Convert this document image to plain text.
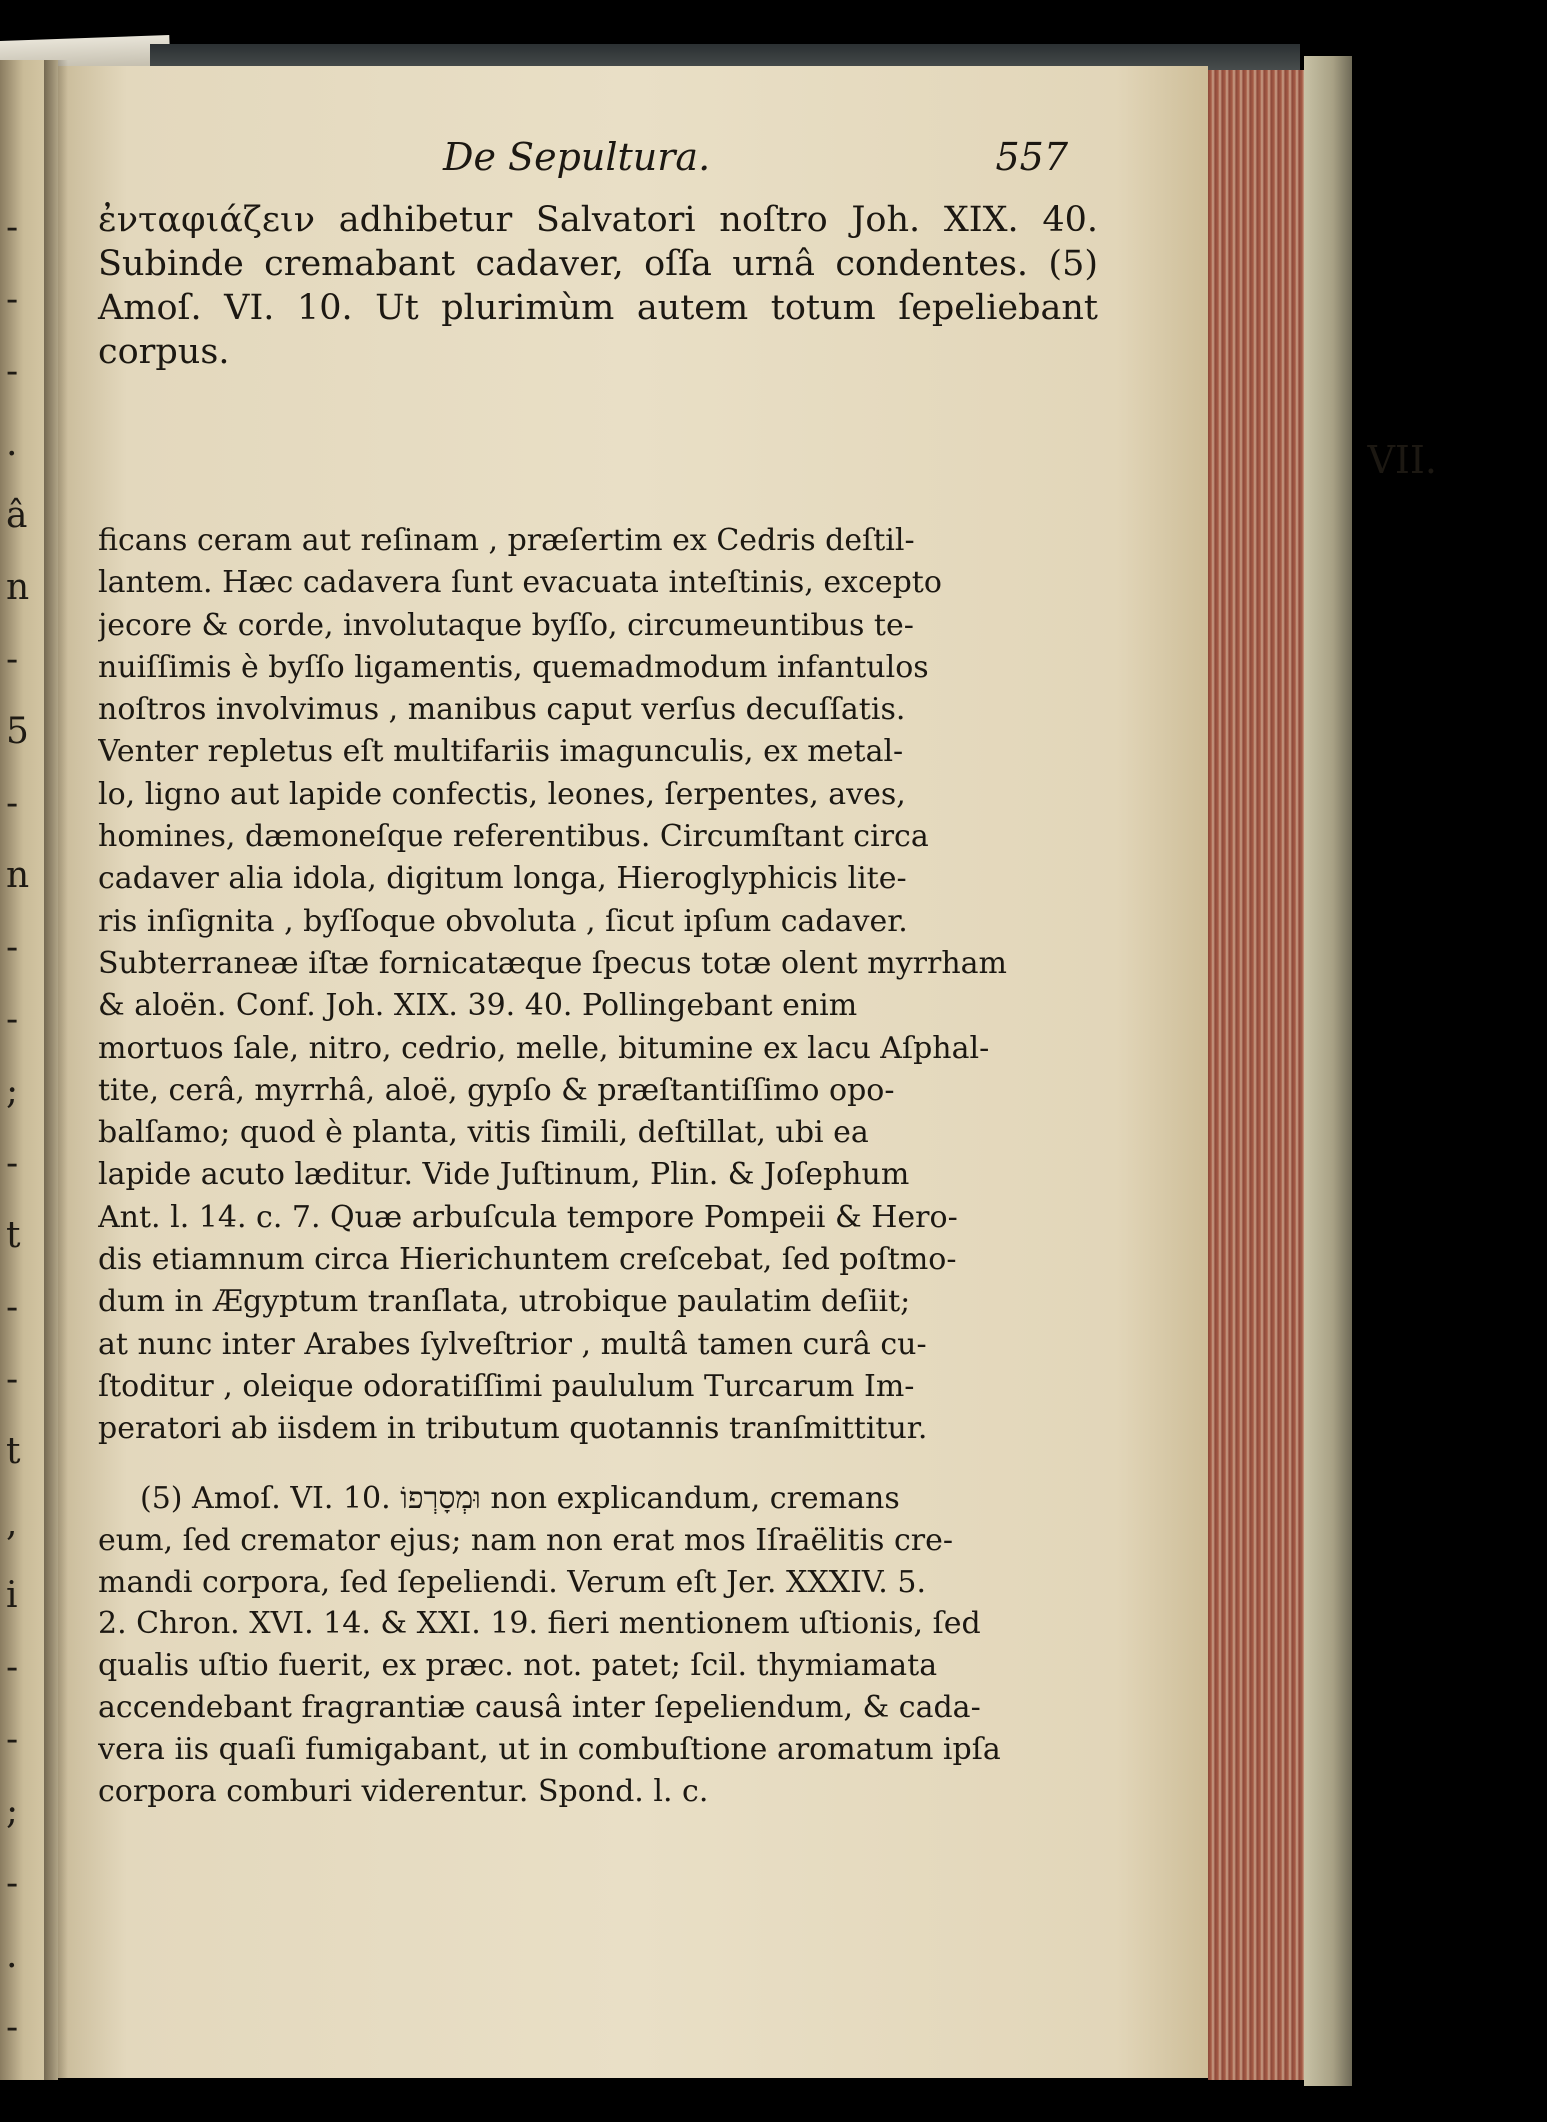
-
-
-
.
â
n
-
5
-
n
-
-
;
-
t
-
-
t
,
i
-
-
;
-
.
-
De Sepultura.	557

ἐνταφιάζειν adhibetur Salvatori noſtro Joh. XIX. 40. Subinde cremabant cadaver, oſſa urnâ condentes. (5) Amoſ. VI. 10. Ut plurimùm autem totum ſepeliebant corpus.

VII.
ficans ceram aut reſinam , præſertim ex Cedris deſtil-
lantem. Hæc cadavera ſunt evacuata inteſtinis, excepto
jecore & corde, involutaque byſſo, circumeuntibus te-
nuiſſimis è byſſo ligamentis, quemadmodum infantulos
noſtros involvimus , manibus caput verſus decuſſatis.
Venter repletus eſt multifariis imagunculis, ex metal-
lo, ligno aut lapide confectis, leones, ſerpentes, aves,
homines, dæmoneſque referentibus. Circumſtant circa
cadaver alia idola, digitum longa, Hieroglyphicis lite-
ris inſignita , byſſoque obvoluta , ſicut ipſum cadaver.
Subterraneæ iſtæ fornicatæque ſpecus totæ olent myrrham
& aloën. Conf. Joh. XIX. 39. 40. Pollingebant enim
mortuos ſale, nitro, cedrio, melle, bitumine ex lacu Aſphal-
tite, cerâ, myrrhâ, aloë, gypſo & præſtantiſſimo opo-
balſamo; quod è planta, vitis ſimili, deſtillat, ubi ea
lapide acuto læditur. Vide Juſtinum, Plin. & Joſephum
Ant. l. 14. c. 7. Quæ arbuſcula tempore Pompeii & Hero-
dis etiamnum circa Hierichuntem creſcebat, ſed poſtmo-
dum in Ægyptum tranſlata, utrobique paulatim deſiit;
at nunc inter Arabes ſylveſtrior , multâ tamen curâ cu-
ſtoditur , oleique odoratiſſimi paululum Turcarum Im-
peratori ab iisdem in tributum quotannis tranſmittitur.
(5) Amoſ. VI. 10. וּמְסָרְפוֹ non explicandum, cremans
eum, ſed cremator ejus; nam non erat mos Iſraëlitis cre-
mandi corpora, ſed ſepeliendi. Verum eſt Jer. XXXIV. 5.
2. Chron. XVI. 14. & XXI. 19. fieri mentionem uſtionis, ſed
qualis uſtio fuerit, ex præc. not. patet; ſcil. thymiamata
accendebant fragrantiæ causâ inter ſepeliendum, & cada-
vera iis quaſi fumigabant, ut in combuſtione aromatum ipſa
corpora comburi viderentur. Spond. l. c.
